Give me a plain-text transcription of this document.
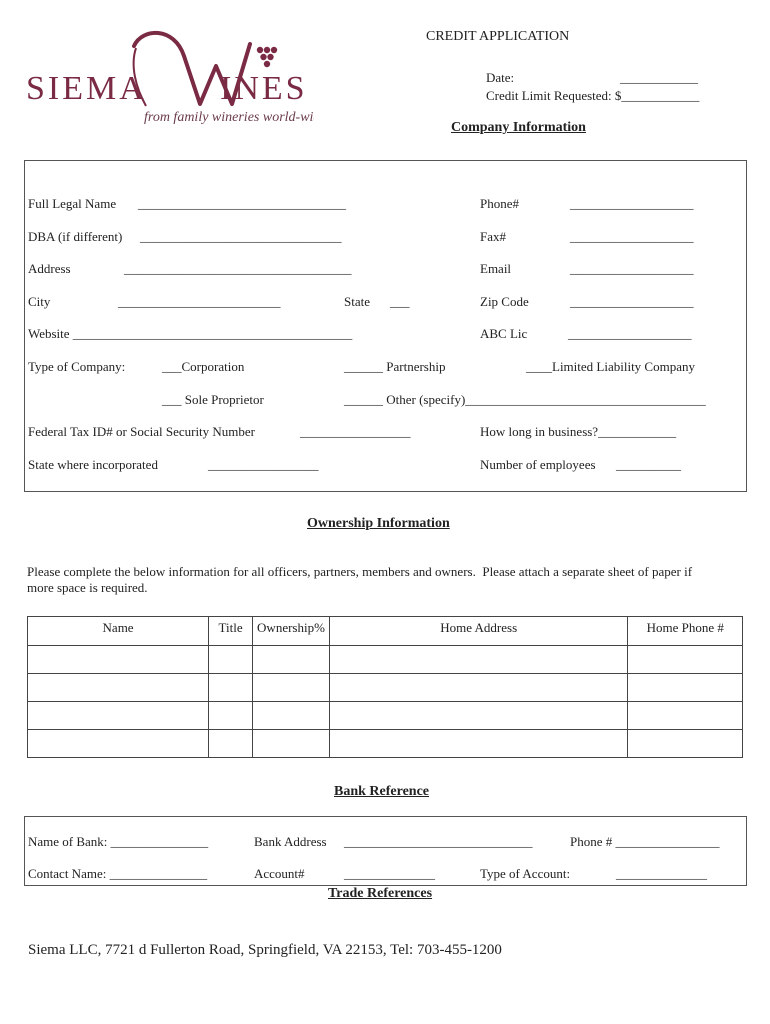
SIEMA INES
from family wineries world-wide
CREDIT APPLICATION
Date:	____________
Credit Limit Requested: $____________
Company Information
Full Legal Name ________________________________	Phone#	___________________
DBA (if different) _______________________________	Fax#	___________________
Address	___________________________________	Email	___________________
City	_________________________	State ___	Zip Code	___________________
Website ___________________________________________	ABC Lic	___________________
Type of Company:	___Corporation	______ Partnership	____Limited Liability Company
___ Sole Proprietor	______ Other (specify)_____________________________________
Federal Tax ID# or Social Security Number	_________________	How long in business?____________
State where incorporated	_________________	Number of employees __________
Ownership Information
Please complete the below information for all officers, partners, members and owners.  Please attach a separate sheet of paper if
more space is required.
Name	Title	Ownership%	Home Address	Home Phone #

Bank Reference
Name of Bank: _______________	Bank Address _____________________________	Phone # ________________
Contact Name: _______________	Account#	______________	Type of Account:	______________
Trade References
Siema LLC, 7721 d Fullerton Road, Springfield, VA 22153, Tel: 703-455-1200
